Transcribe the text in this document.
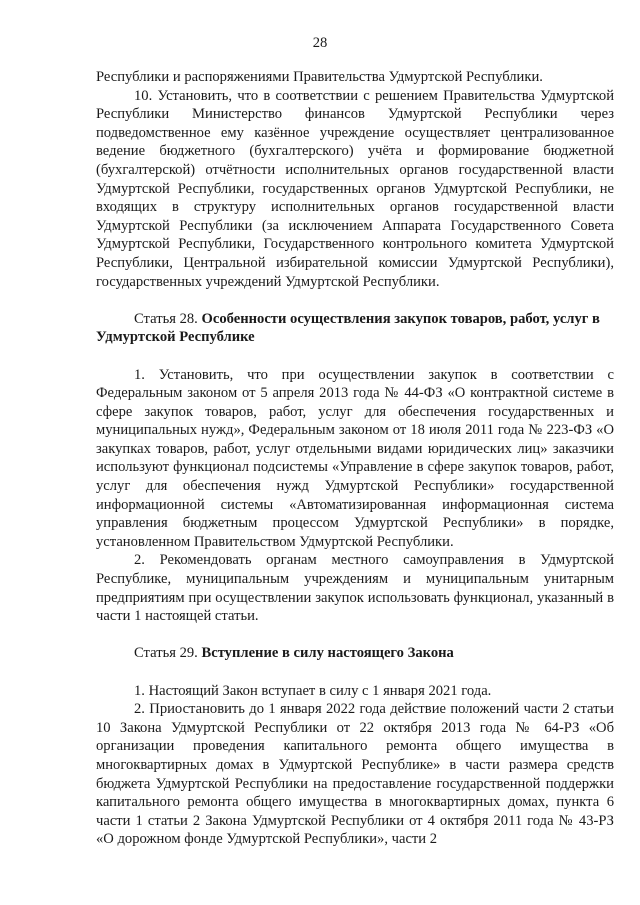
28

Республики и распоряжениями Правительства Удмуртской Республики.

10. Установить, что в соответствии с решением Правительства Удмуртской Республики Министерство финансов Удмуртской Республики через подведомственное ему казённое учреждение осуществляет централизованное ведение бюджетного (бухгалтерского) учёта и формирование бюджетной (бухгалтерской) отчётности исполнительных органов государственной власти Удмуртской Республики, государственных органов Удмуртской Республики, не входящих в структуру исполнительных органов государственной власти Удмуртской Республики (за исключением Аппарата Государственного Совета Удмуртской Республики, Государственного контрольного комитета Удмуртской Республики, Центральной избирательной комиссии Удмуртской Республики), государственных учреждений Удмуртской Республики.

Статья 28. Особенности осуществления закупок товаров, работ, услуг в Удмуртской Республике

1. Установить, что при осуществлении закупок в соответствии с Федеральным законом от 5 апреля 2013 года № 44-ФЗ «О контрактной системе в сфере закупок товаров, работ, услуг для обеспечения государственных и муниципальных нужд», Федеральным законом от 18 июля 2011 года № 223-ФЗ «О закупках товаров, работ, услуг отдельными видами юридических лиц» заказчики используют функционал подсистемы «Управление в сфере закупок товаров, работ, услуг для обеспечения нужд Удмуртской Республики» государственной информационной системы «Автоматизированная информационная система управления бюджетным процессом Удмуртской Республики» в порядке, установленном Правительством Удмуртской Республики.

2. Рекомендовать органам местного самоуправления в Удмуртской Республике, муниципальным учреждениям и муниципальным унитарным предприятиям при осуществлении закупок использовать функционал, указанный в части 1 настоящей статьи.

Статья 29. Вступление в силу настоящего Закона

1. Настоящий Закон вступает в силу с 1 января 2021 года.

2. Приостановить до 1 января 2022 года действие положений части 2 статьи 10 Закона Удмуртской Республики от 22 октября 2013 года № 64-РЗ «Об организации проведения капитального ремонта общего имущества в многоквартирных домах в Удмуртской Республике» в части размера средств бюджета Удмуртской Республики на предоставление государственной поддержки капитального ремонта общего имущества в многоквартирных домах, пункта 6 части 1 статьи 2 Закона Удмуртской Республики от 4 октября 2011 года № 43-РЗ «О дорожном фонде Удмуртской Республики», части 2
